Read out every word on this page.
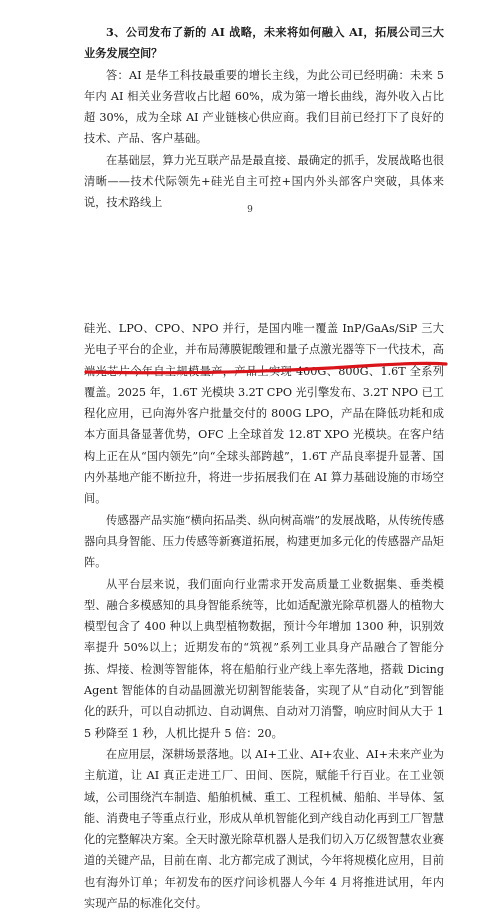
3、公司发布了新的 AI 战略，未来将如何融入 AI，拓展公司三大业务发展空间？

答：AI 是华工科技最重要的增长主线，为此公司已经明确：未来 5 年内 AI 相关业务营收占比超 60%，成为第一增长曲线，海外收入占比超 30%，成为全球 AI 产业链核心供应商。我们目前已经打下了良好的技术、产品、客户基础。

在基础层，算力光互联产品是最直接、最确定的抓手，发展战略也很清晰——技术代际领先+硅光自主可控+国内外头部客户突破，具体来说，技术路线上

9

硅光、LPO、CPO、NPO 并行，是国内唯一覆盖 InP/GaAs/SiP 三大光电子平台的企业，并布局薄膜铌酸锂和量子点激光器等下一代技术，高端光芯片今年自主规模量产，产品上实现 400G、800G、1.6T 全系列覆盖。2025 年，1.6T 光模块 3.2T CPO 光引擎发布、3.2T NPO 已工程化应用，已向海外客户批量交付的 800G LPO，产品在降低功耗和成本方面具备显著优势，OFC 上全球首发 12.8T XPO 光模块。在客户结构上正在从“国内领先”向“全球头部跨越”，1.6T 产品良率提升显著、国内外基地产能不断拉升，将进一步拓展我们在 AI 算力基础设施的市场空间。

传感器产品实施“横向拓品类、纵向树高端”的发展战略，从传统传感器向具身智能、压力传感等新赛道拓展，构建更加多元化的传感器产品矩阵。

从平台层来说，我们面向行业需求开发高质量工业数据集、垂类模型、融合多模感知的具身智能系统等，比如适配激光除草机器人的植物大模型包含了 400 种以上典型植物数据，预计今年增加 1300 种，识别效率提升 50%以上；近期发布的“筑视”系列工业具身产品融合了智能分拣、焊接、检测等智能体，将在船舶行业产线上率先落地，搭载 Dicing Agent 智能体的自动晶圆激光切割智能装备，实现了从“自动化”到智能化的跃升，可以自动抓边、自动调焦、自动对刀消警，响应时间从大于 15 秒降至 1 秒，人机比提升 5 倍：20。

在应用层，深耕场景落地。以 AI+工业、AI+农业、AI+未来产业为主航道，让 AI 真正走进工厂、田间、医院，赋能千行百业。在工业领域，公司围绕汽车制造、船舶机械、重工、工程机械、船舶、半导体、氢能、消费电子等重点行业，形成从单机智能化到产线自动化再到工厂智慧化的完整解决方案。全天时激光除草机器人是我们切入万亿级智慧农业赛道的关键产品，目前在南、北方都完成了测试，今年将规模化应用，目前也有海外订单；年初发布的医疗问诊机器人今年 4 月将推进试用，年内实现产品的标准化交付。
